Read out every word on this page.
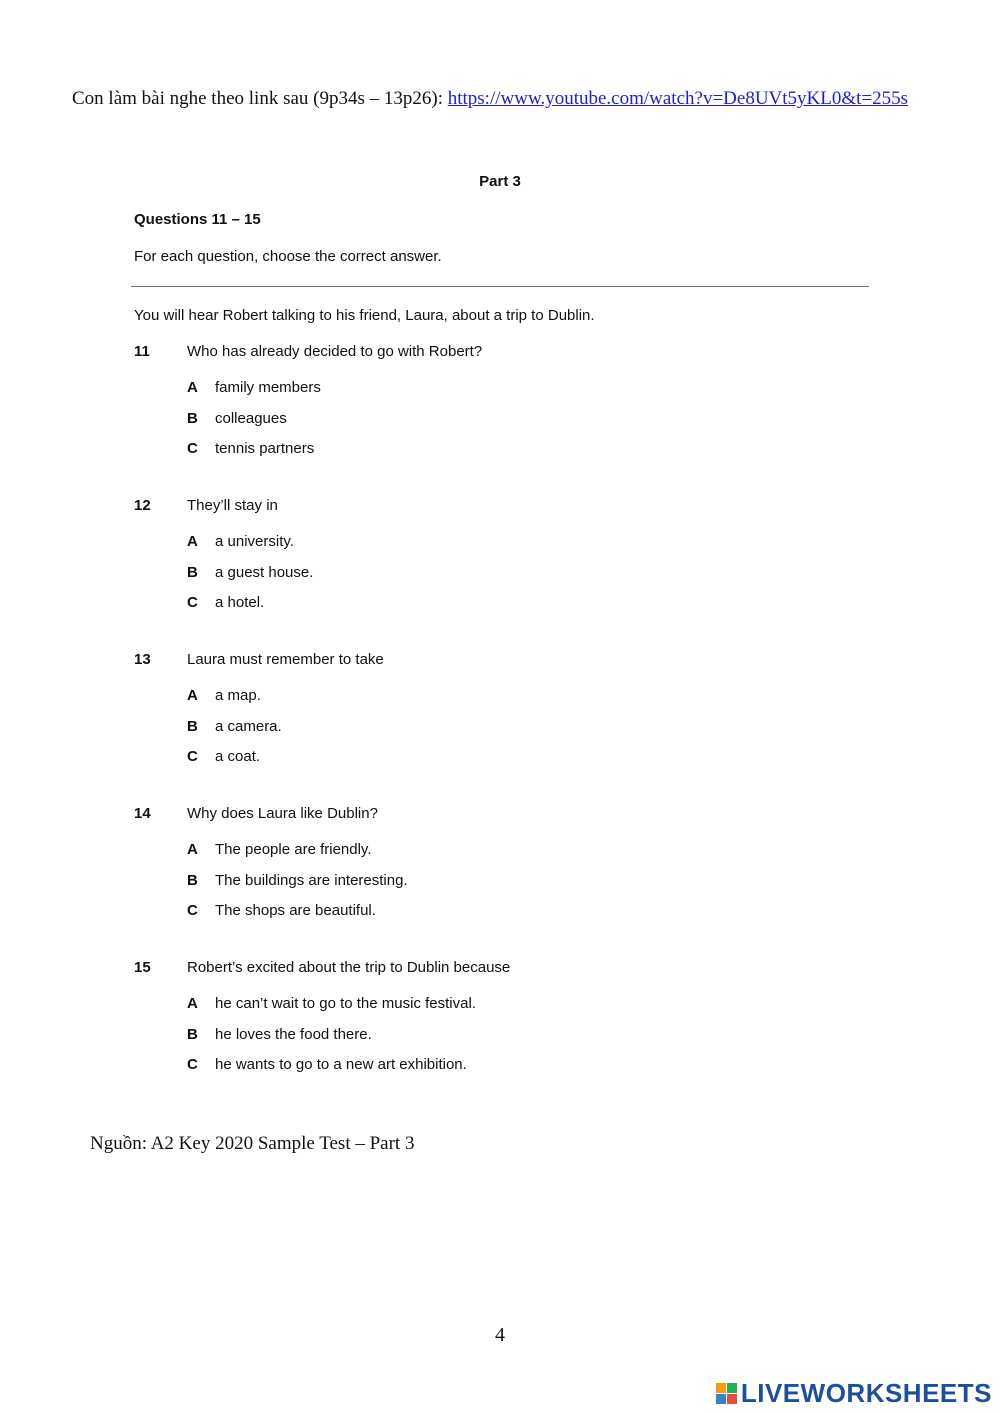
Con làm bài nghe theo link sau (9p34s – 13p26): https://www.youtube.com/watch?v=De8UVt5yKL0&t=255s
Part 3
Questions 11 – 15
For each question, choose the correct answer.
You will hear Robert talking to his friend, Laura, about a trip to Dublin.
11 Who has already decided to go with Robert?
A family members
B colleagues
C tennis partners
12 They’ll stay in
A a university.
B a guest house.
C a hotel.
13 Laura must remember to take
A a map.
B a camera.
C a coat.
14 Why does Laura like Dublin?
A The people are friendly.
B The buildings are interesting.
C The shops are beautiful.
15 Robert’s excited about the trip to Dublin because
A he can’t wait to go to the music festival.
B he loves the food there.
C he wants to go to a new art exhibition.
Nguồn: A2 Key 2020 Sample Test – Part 3
4
LIVEWORKSHEETS
